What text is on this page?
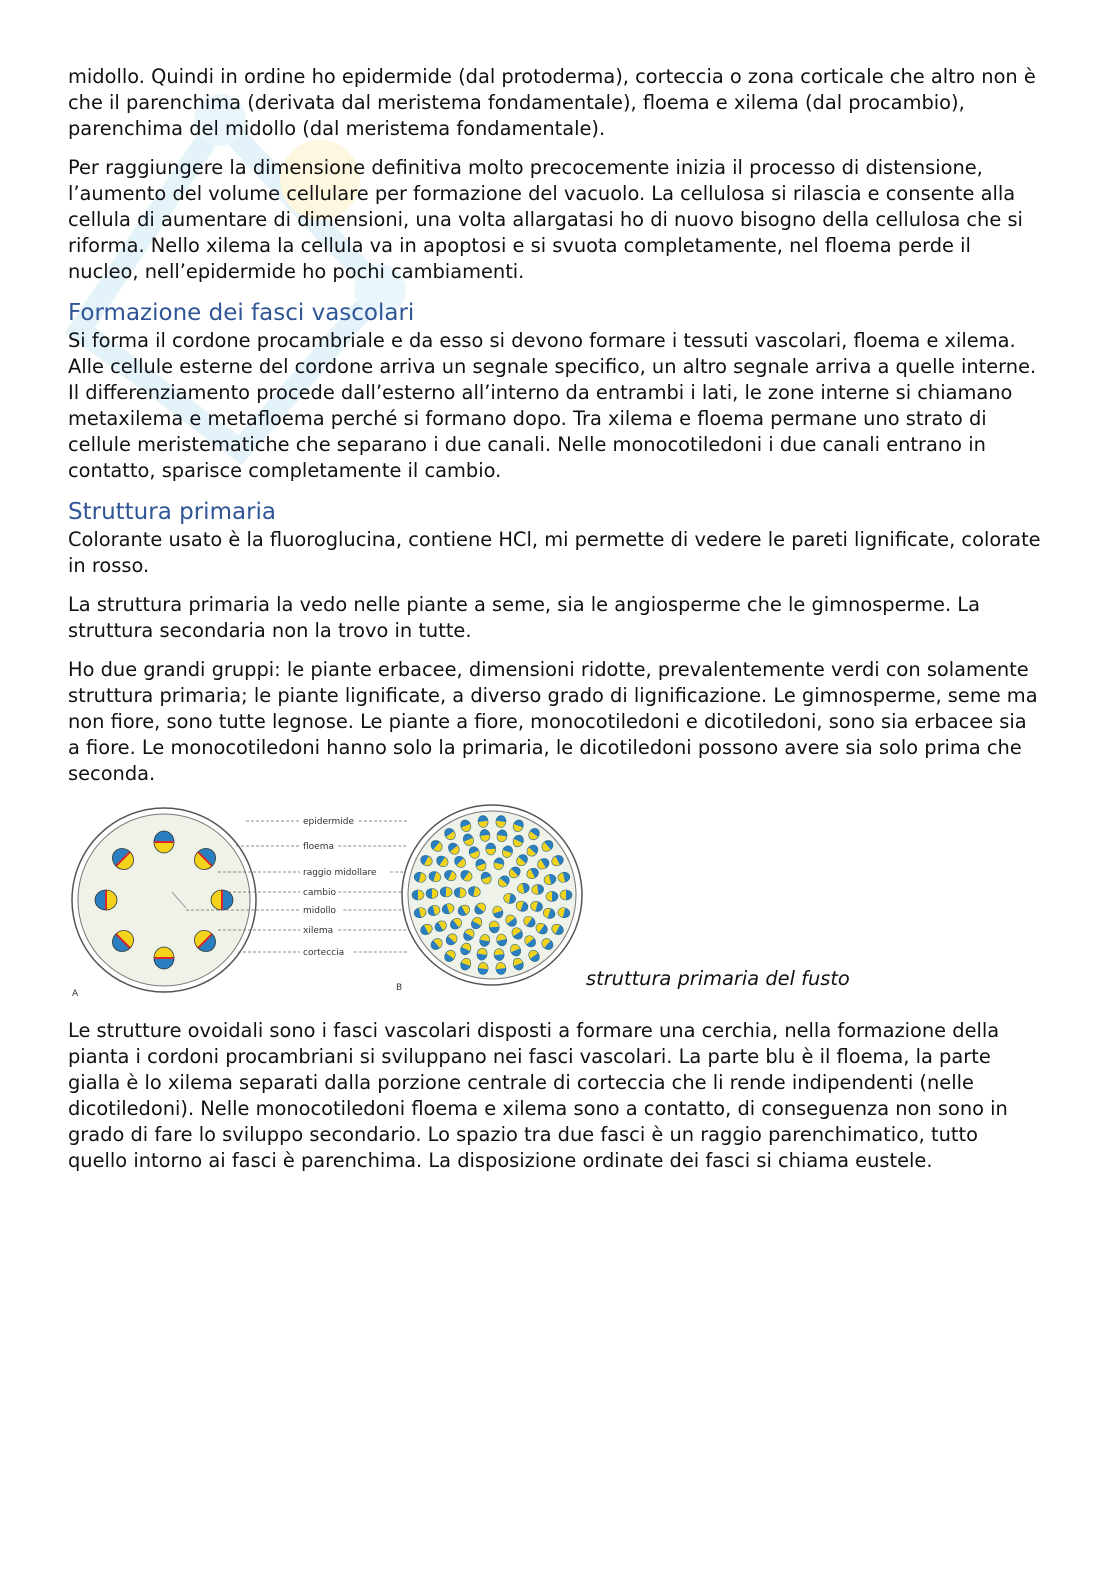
midollo. Quindi in ordine ho epidermide (dal protoderma), corteccia o zona corticale che altro non è che il parenchima (derivata dal meristema fondamentale), floema e xilema (dal procambio), parenchima del midollo (dal meristema fondamentale).

Per raggiungere la dimensione definitiva molto precocemente inizia il processo di distensione, l’aumento del volume cellulare per formazione del vacuolo. La cellulosa si rilascia e consente alla cellula di aumentare di dimensioni, una volta allargatasi ho di nuovo bisogno della cellulosa che si riforma. Nello xilema la cellula va in apoptosi e si svuota completamente, nel floema perde il nucleo, nell’epidermide ho pochi cambiamenti.

Formazione dei fasci vascolari

Si forma il cordone procambriale e da esso si devono formare i tessuti vascolari, floema e xilema. Alle cellule esterne del cordone arriva un segnale specifico, un altro segnale arriva a quelle interne. Il differenziamento procede dall’esterno all’interno da entrambi i lati, le zone interne si chiamano metaxilema e metafloema perché si formano dopo. Tra xilema e floema permane uno strato di cellule meristematiche che separano i due canali. Nelle monocotiledoni i due canali entrano in contatto, sparisce completamente il cambio.

Struttura primaria

Colorante usato è la fluoroglucina, contiene HCl, mi permette di vedere le pareti lignificate, colorate in rosso.

La struttura primaria la vedo nelle piante a seme, sia le angiosperme che le gimnosperme. La struttura secondaria non la trovo in tutte.

Ho due grandi gruppi: le piante erbacee, dimensioni ridotte, prevalentemente verdi con solamente struttura primaria; le piante lignificate, a diverso grado di lignificazione. Le gimnosperme, seme ma non fiore, sono tutte legnose. Le piante a fiore, monocotiledoni e dicotiledoni, sono sia erbacee sia a fiore. Le monocotiledoni hanno solo la primaria, le dicotiledoni possono avere sia solo prima che seconda.

epidermide
floema
raggio midollare
cambio
midollo
xilema
corteccia
A
B	struttura primaria del fusto

Le strutture ovoidali sono i fasci vascolari disposti a formare una cerchia, nella formazione della pianta i cordoni procambriani si sviluppano nei fasci vascolari. La parte blu è il floema, la parte gialla è lo xilema separati dalla porzione centrale di corteccia che li rende indipendenti (nelle dicotiledoni). Nelle monocotiledoni floema e xilema sono a contatto, di conseguenza non sono in grado di fare lo sviluppo secondario. Lo spazio tra due fasci è un raggio parenchimatico, tutto quello intorno ai fasci è parenchima. La disposizione ordinate dei fasci si chiama eustele.
